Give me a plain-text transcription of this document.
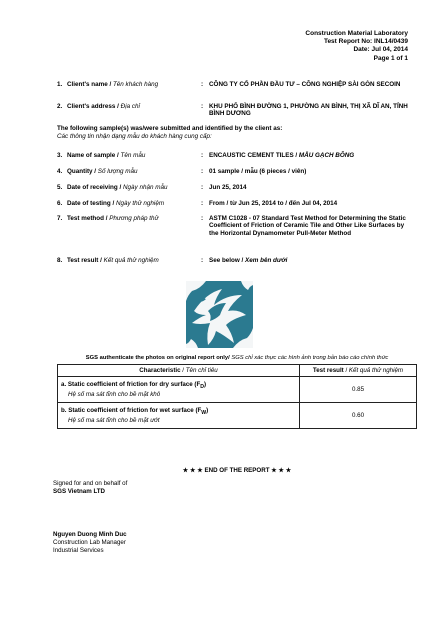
Construction Material Laboratory
Test Report No: INL14/0439
Date: Jul 04, 2014
Page 1 of 1
1. Client's name / Tên khách hàng	: CÔNG TY CỔ PHẦN ĐẦU TƯ – CÔNG NGHIỆP SÀI GÒN SECOIN
2. Client's address / Địa chỉ	: KHU PHỐ BÌNH ĐƯỜNG 1, PHƯỜNG AN BÌNH, THỊ XÃ DĨ AN, TỈNH BÌNH DƯƠNG
The following sample(s) was/were submitted and identified by the client as:
Các thông tin nhận dạng mẫu do khách hàng cung cấp:
3. Name of sample / Tên mẫu	: ENCAUSTIC CEMENT TILES / MẪU GẠCH BÔNG
4. Quantity / Số lượng mẫu	: 01 sample / mẫu (6 pieces / viên)
5. Date of receiving / Ngày nhận mẫu	: Jun 25, 2014
6. Date of testing / Ngày thử nghiệm	: From / từ Jun 25, 2014 to / đến Jul 04, 2014
7. Test method / Phương pháp thử	: ASTM C1028 - 07 Standard Test Method for Determining the Static Coefficient of Friction of Ceramic Tile and Other Like Surfaces by the Horizontal Dynamometer Pull-Meter Method
8. Test result / Kết quả thử nghiệm	: See below / Xem bên dưới
SGS authenticate the photos on original report only/ SGS chỉ xác thực các hình ảnh trong bản báo cáo chính thức
Characteristic / Tên chỉ tiêu	Test result / Kết quả thử nghiệm
a. Static coefficient of friction for dry surface $(F_D)$
Hệ số ma sát tĩnh cho bề mặt khô	0.85
b. Static coefficient of friction for wet surface $(F_W)$
Hệ số ma sát tĩnh cho bề mặt ướt	0.60
★ ★ ★ END OF THE REPORT ★ ★ ★
Signed for and on behalf of
SGS Vietnam LTD
Nguyen Duong Minh Duc
Construction Lab Manager
Industrial Services
